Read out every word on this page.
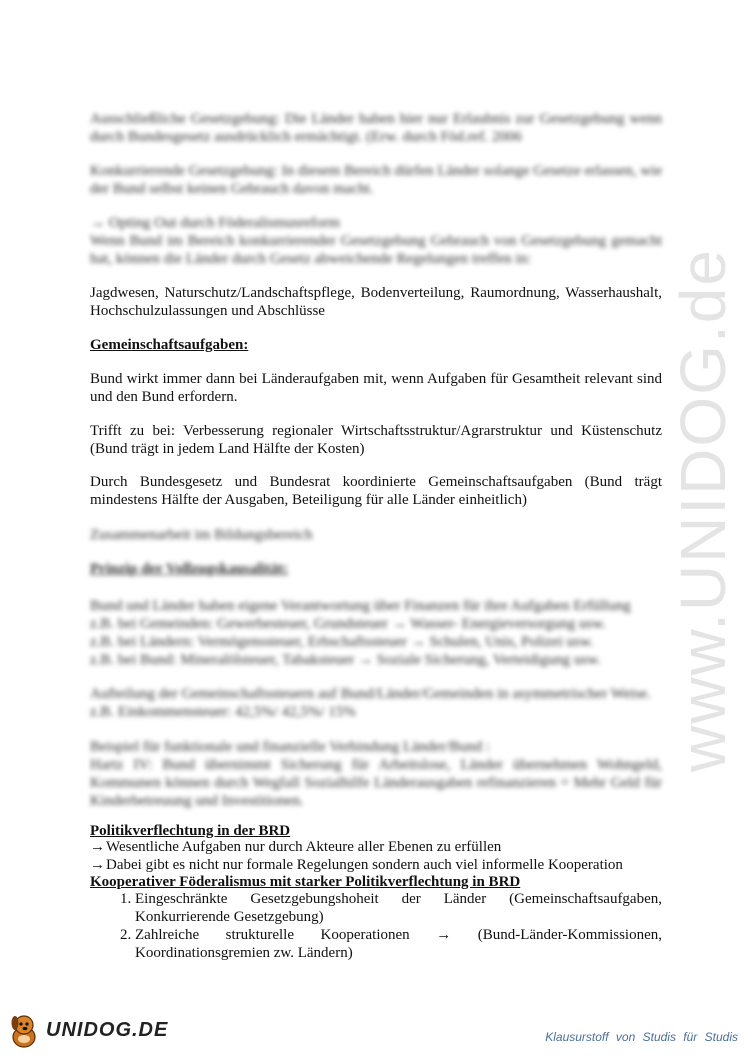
www.UNIDOG.de
Ausschließliche Gesetzgebung: Die Länder haben hier nur Erlaubnis zur Gesetzgebung wenn durch Bundesgesetz ausdrücklich ermächtigt. (Erw. durch Föd.ref. 2006
Konkurrierende Gesetzgebung: In diesem Bereich dürfen Länder solange Gesetze erlassen, wie der Bund selbst keinen Gebrauch davon macht.
→ Opting Out durch Föderalismusreform
Wenn Bund im Bereich konkurrierender Gesetzgebung Gebrauch von Gesetzgebung gemacht hat, können die Länder durch Gesetz abweichende Regelungen treffen in:
Jagdwesen, Naturschutz/Landschaftspflege, Bodenverteilung, Raumordnung, Wasserhaushalt, Hochschulzulassungen und Abschlüsse
Gemeinschaftsaufgaben:
Bund wirkt immer dann bei Länderaufgaben mit, wenn Aufgaben für Gesamtheit relevant sind und den Bund erfordern.
Trifft zu bei: Verbesserung regionaler Wirtschaftsstruktur/Agrarstruktur und Küstenschutz (Bund trägt in jedem Land Hälfte der Kosten)
Durch Bundesgesetz und Bundesrat koordinierte Gemeinschaftsaufgaben (Bund trägt mindestens Hälfte der Ausgaben, Beteiligung für alle Länder einheitlich)
Zusammenarbeit im Bildungsbereich
Prinzip der Vollzugskausalität:
Bund und Länder haben eigene Verantwortung über Finanzen für ihre Aufgaben Erfüllung
z.B. bei Gemeinden: Gewerbesteuer, Grundsteuer → Wasser- Energieversorgung usw.
z.B. bei Ländern: Vermögenssteuer, Erbschaftssteuer → Schulen, Unis, Polizei usw.
z.B. bei Bund: Mineralölsteuer, Tabaksteuer → Soziale Sicherung, Verteidigung usw.
Aufteilung der Gemeinschaftssteuern auf Bund/Länder/Gemeinden in asymmetrischer Weise.
z.B. Einkommensteuer: 42,5%/ 42,5%/ 15%
Beispiel für funktionale und finanzielle Verbindung Länder/Bund :
Hartz IV: Bund übernimmt Sicherung für Arbeitslose, Länder übernehmen Wohngeld, Kommunen können durch Wegfall Sozialhilfe Länderausgaben refinanzieren = Mehr Geld für Kinderbetreuung und Investitionen.
Politikverflechtung in der BRD
→Wesentliche Aufgaben nur durch Akteure aller Ebenen zu erfüllen
→Dabei gibt es nicht nur formale Regelungen sondern auch viel informelle Kooperation
Kooperativer Föderalismus mit starker Politikverflechtung in BRD
1. Eingeschränkte Gesetzgebungshoheit der Länder (Gemeinschaftsaufgaben, Konkurrierende Gesetzgebung)
2. Zahlreiche strukturelle Kooperationen → (Bund-Länder-Kommissionen, Koordinationsgremien zw. Ländern)
UNIDOG.DE	Klausurstoff von Studis für Studis
